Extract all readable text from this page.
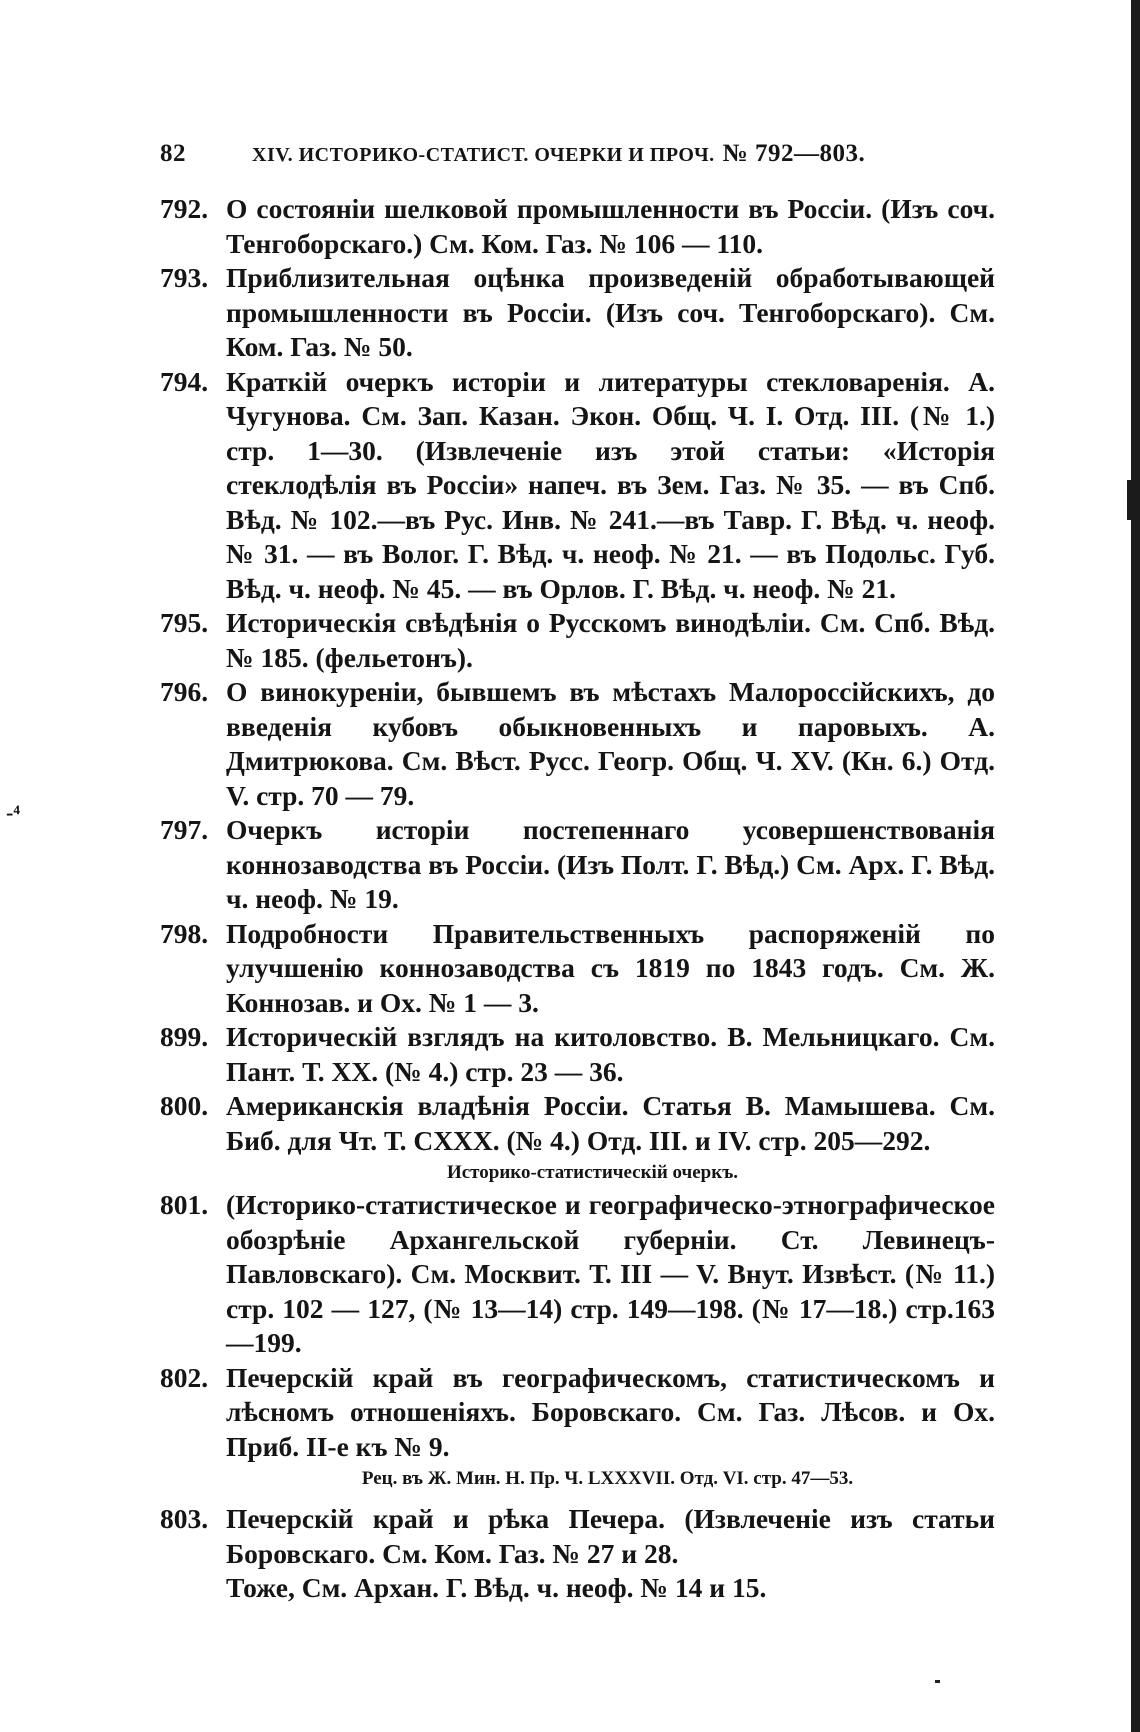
-⁴
82	XIV. ИСТОРИКО-СТАТИСТ. ОЧЕРКИ И ПРОЧ. № 792—803.
792. О состояніи шелковой промышленности въ Россіи. (Изъ соч. Тенгоборскаго.) См. Ком. Газ. № 106 — 110.
793. Приблизительная оцѣнка произведеній обработывающей промышленности въ Россіи. (Изъ соч. Тенгоборскаго). См. Ком. Газ. № 50.
794. Краткій очеркъ исторіи и литературы стекловаренія. А. Чугунова. См. Зап. Казан. Экон. Общ. Ч. I. Отд. III. (№ 1.) стр. 1—30. (Извлеченіе изъ этой статьи: «Исторія стеклодѣлія въ Россіи» напеч. въ Зем. Газ. № 35. — въ Спб. Вѣд. № 102.—въ Рус. Инв. № 241.—въ Тавр. Г. Вѣд. ч. неоф. № 31. — въ Волог. Г. Вѣд. ч. неоф. № 21. — въ Подольс. Губ. Вѣд. ч. неоф. № 45. — въ Орлов. Г. Вѣд. ч. неоф. № 21.
795. Историческія свѣдѣнія о Русскомъ винодѣліи. См. Спб. Вѣд. № 185. (фельетонъ).
796. О винокуреніи, бывшемъ въ мѣстахъ Малороссійскихъ, до введенія кубовъ обыкновенныхъ и паровыхъ. А. Дмитрюкова. См. Вѣст. Русс. Геогр. Общ. Ч. XV. (Кн. 6.) Отд. V. стр. 70 — 79.
797. Очеркъ исторіи постепеннаго усовершенствованія коннозаводства въ Россіи. (Изъ Полт. Г. Вѣд.) См. Арх. Г. Вѣд. ч. неоф. № 19.
798. Подробности Правительственныхъ распоряженій по улучшенію коннозаводства съ 1819 по 1843 годъ. См. Ж. Коннозав. и Ох. № 1 — 3.
899. Историческій взглядъ на китоловство. В. Мельницкаго. См. Пант. Т. XX. (№ 4.) стр. 23 — 36.
800. Американскія владѣнія Россіи. Статья В. Мамышева. См. Биб. для Чт. Т. CXXX. (№ 4.) Отд. III. и IV. стр. 205—292.
Историко-статистическій очеркъ.
801. (Историко-статистическое и географическо-этнографическое обозрѣніе Архангельской губерніи. Ст. Левинецъ-Павловскаго). См. Москвит. Т. III — V. Внут. Извѣст. (№ 11.) стр. 102 — 127, (№ 13—14) стр. 149—198. (№ 17—18.) стр.163—199.
802. Печерскій край въ географическомъ, статистическомъ и лѣсномъ отношеніяхъ. Боровскаго. См. Газ. Лѣсов. и Ох. Приб. II-е къ № 9.
Рец. въ Ж. Мин. Н. Пр. Ч. LXXXVII. Отд. VI. стр. 47—53.
803. Печерскій край и рѣка Печера. (Извлеченіе изъ статьи Боровскаго. См. Ком. Газ. № 27 и 28.
Тоже, См. Архан. Г. Вѣд. ч. неоф. № 14 и 15.
